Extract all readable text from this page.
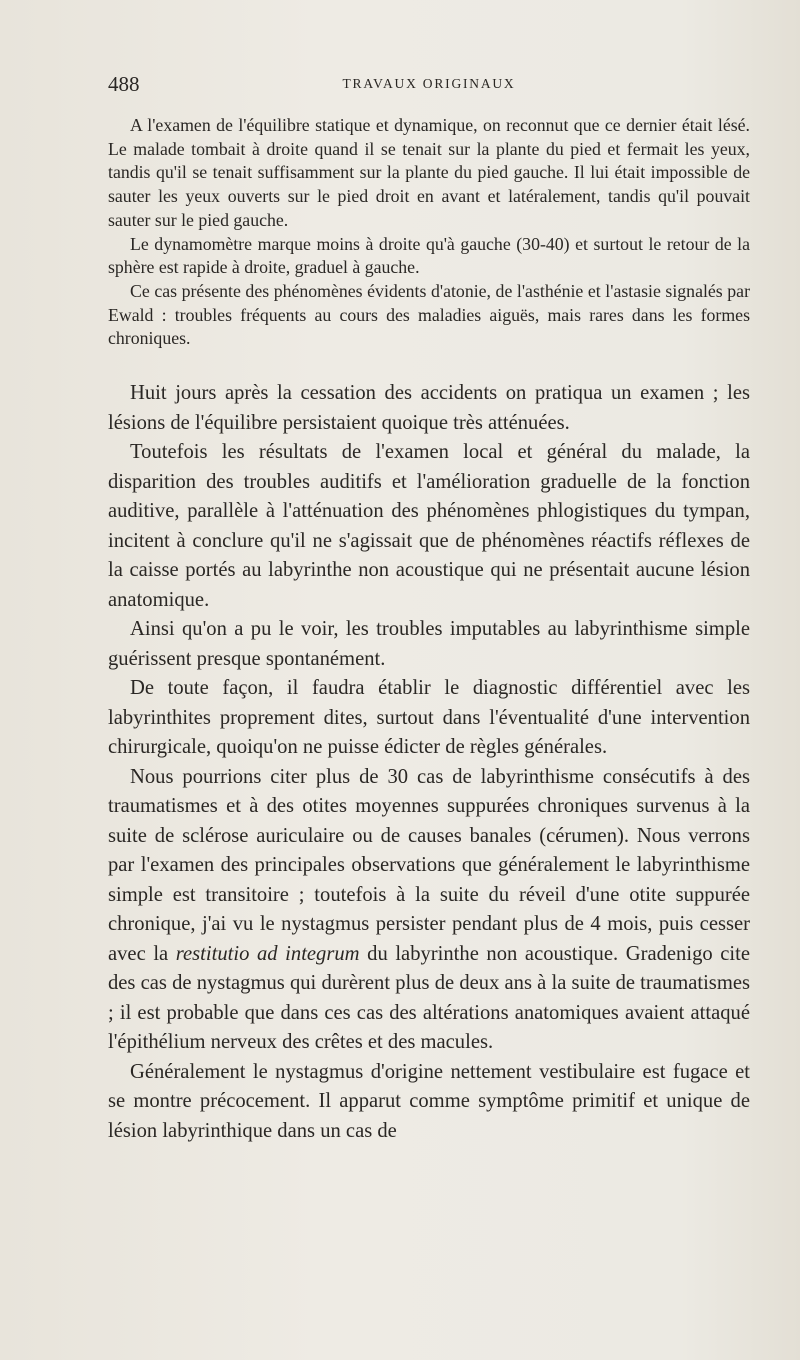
488	TRAVAUX ORIGINAUX

A l'examen de l'équilibre statique et dynamique, on reconnut que ce dernier était lésé. Le malade tombait à droite quand il se tenait sur la plante du pied et fermait les yeux, tandis qu'il se tenait suffisamment sur la plante du pied gauche. Il lui était impossible de sauter les yeux ouverts sur le pied droit en avant et latéralement, tandis qu'il pouvait sauter sur le pied gauche.

Le dynamomètre marque moins à droite qu'à gauche (30-40) et surtout le retour de la sphère est rapide à droite, graduel à gauche.

Ce cas présente des phénomènes évidents d'atonie, de l'asthénie et l'astasie signalés par Ewald : troubles fréquents au cours des maladies aiguës, mais rares dans les formes chroniques.

Huit jours après la cessation des accidents on pratiqua un examen ; les lésions de l'équilibre persistaient quoique très atténuées.

Toutefois les résultats de l'examen local et général du malade, la disparition des troubles auditifs et l'amélioration graduelle de la fonction auditive, parallèle à l'atténuation des phénomènes phlogistiques du tympan, incitent à conclure qu'il ne s'agissait que de phénomènes réactifs réflexes de la caisse portés au labyrinthe non acoustique qui ne présentait aucune lésion anatomique.

Ainsi qu'on a pu le voir, les troubles imputables au labyrinthisme simple guérissent presque spontanément.

De toute façon, il faudra établir le diagnostic différentiel avec les labyrinthites proprement dites, surtout dans l'éventualité d'une intervention chirurgicale, quoiqu'on ne puisse édicter de règles générales.

Nous pourrions citer plus de 30 cas de labyrinthisme consécutifs à des traumatismes et à des otites moyennes suppurées chroniques survenus à la suite de sclérose auriculaire ou de causes banales (cérumen). Nous verrons par l'examen des principales observations que généralement le labyrinthisme simple est transitoire ; toutefois à la suite du réveil d'une otite suppurée chronique, j'ai vu le nystagmus persister pendant plus de 4 mois, puis cesser avec la restitutio ad integrum du labyrinthe non acoustique. Gradenigo cite des cas de nystagmus qui durèrent plus de deux ans à la suite de traumatismes ; il est probable que dans ces cas des altérations anatomiques avaient attaqué l'épithélium nerveux des crêtes et des macules.

Généralement le nystagmus d'origine nettement vestibulaire est fugace et se montre précocement. Il apparut comme symptôme primitif et unique de lésion labyrinthique dans un cas de
